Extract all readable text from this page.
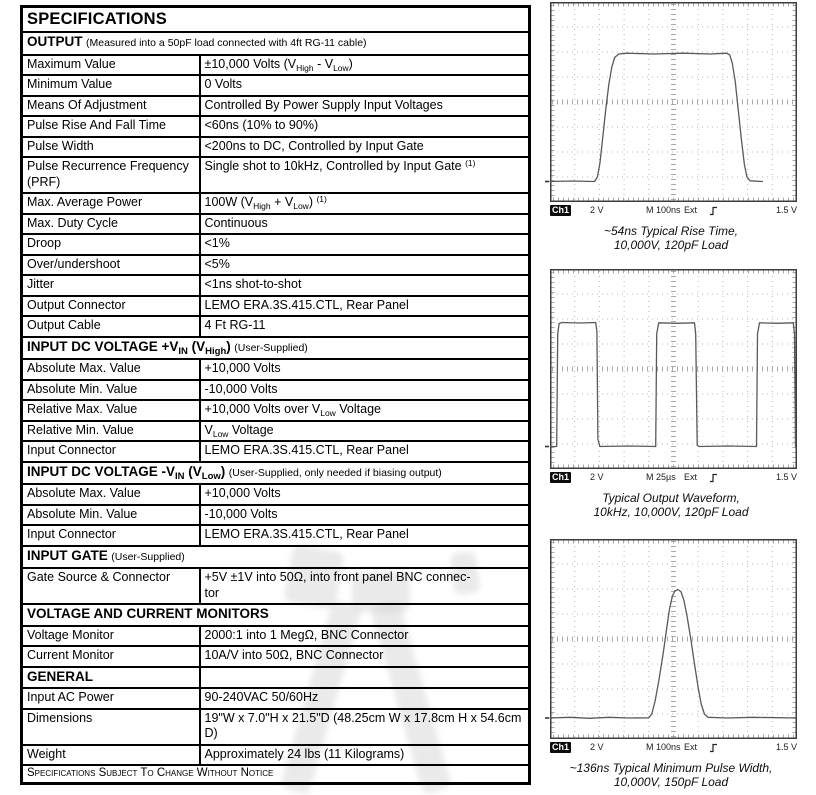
SPECIFICATIONS	
OUTPUT (Measured into a 50pF load connected with 4ft RG-11 cable)	
Maximum Value	±10,000 Volts $(V_{High} - V_{Low})$
Minimum Value	0 Volts
Means Of Adjustment	Controlled By Power Supply Input Voltages
Pulse Rise And Fall Time	<60ns (10% to 90%)
Pulse Width	<200ns to DC, Controlled by Input Gate
Pulse Recurrence Frequency (PRF)	Single shot to 10kHz, Controlled by Input Gate $^{(1)}$
Max. Average Power	100W $(V_{High} + V_{Low})$ $^{(1)}$
Max. Duty Cycle	Continuous
Droop	<1%
Over/undershoot	<5%
Jitter	<1ns shot-to-shot
Output Connector	LEMO ERA.3S.415.CTL, Rear Panel
Output Cable	4 Ft RG-11
INPUT DC VOLTAGE $+V_{IN}$ $(V_{High})$ (User-Supplied)	
Absolute Max. Value	+10,000 Volts
Absolute Min. Value	-10,000 Volts
Relative Max. Value	+10,000 Volts over $V_{Low}$ Voltage
Relative Min. Value	$V_{Low}$ Voltage
Input Connector	LEMO ERA.3S.415.CTL, Rear Panel
INPUT DC VOLTAGE $-V_{IN}$ $(V_{Low})$ (User-Supplied, only needed if biasing output)	
Absolute Max. Value	+10,000 Volts
Absolute Min. Value	-10,000 Volts
Input Connector	LEMO ERA.3S.415.CTL, Rear Panel
INPUT GATE (User-Supplied)	
Gate Source & Connector	+5V ±1V into 50Ω, into front panel BNC connec-
tor
VOLTAGE AND CURRENT MONITORS	
Voltage Monitor	2000:1 into 1 MegΩ, BNC Connector
Current Monitor	10A/V into 50Ω, BNC Connector
GENERAL	
Input AC Power	90-240VAC 50/60Hz
Dimensions	19"W x 7.0"H x 21.5"D (48.25cm W x 17.8cm H x 54.6cm D)
Weight	Approximately 24 lbs (11 Kilograms)
Specifications Subject To Change Without Notice	
Ch1 2 V	M 100ns Ext	1.5 V
~54ns Typical Rise Time,
10,000V, 120pF Load
Ch1 2 V	M 25µs Ext	1.5 V
Typical Output Waveform,
10kHz, 10,000V, 120pF Load
Ch1 2 V	M 100ns Ext	1.5 V
~136ns Typical Minimum Pulse Width,
10,000V, 150pF Load
